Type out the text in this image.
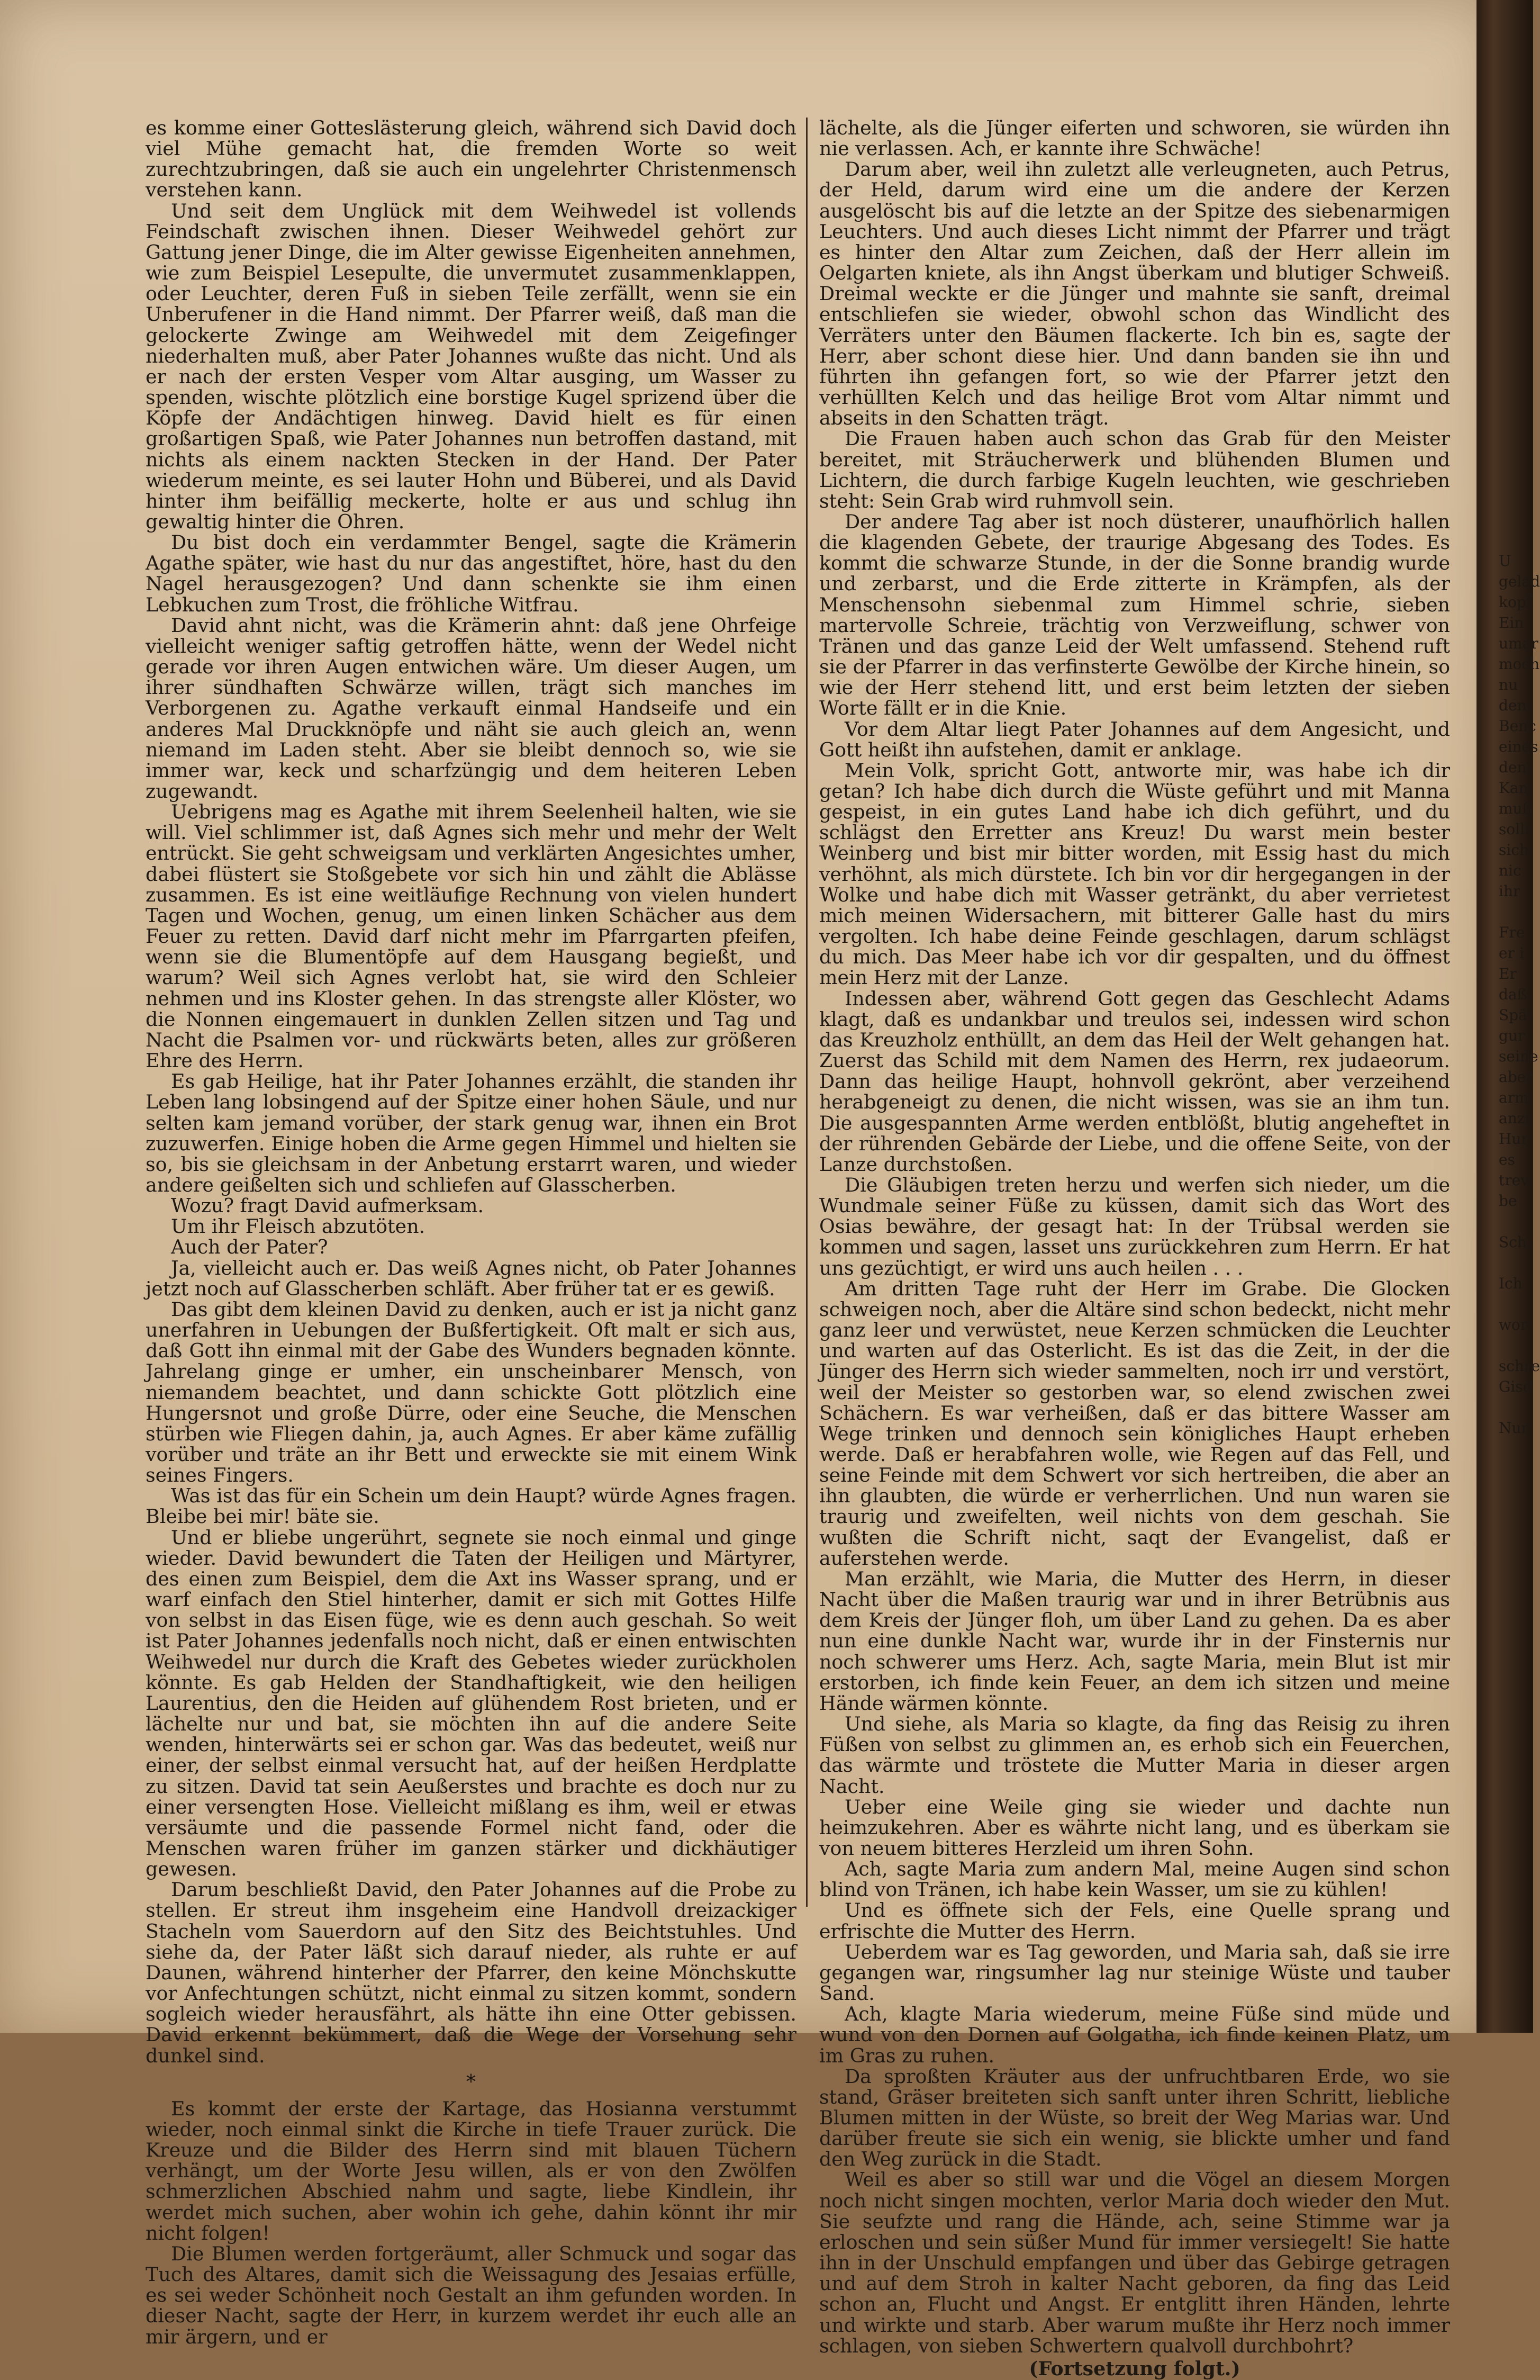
es komme einer Gotteslästerung gleich, während sich David doch viel Mühe gemacht hat, die fremden Worte so weit zurechtzubringen, daß sie auch ein ungelehrter Christenmensch verstehen kann.

Und seit dem Unglück mit dem Weihwedel ist vollends Feindschaft zwischen ihnen. Dieser Weihwedel gehört zur Gattung jener Dinge, die im Alter gewisse Eigenheiten annehmen, wie zum Beispiel Lesepulte, die unvermutet zusammenklappen, oder Leuchter, deren Fuß in sieben Teile zerfällt, wenn sie ein Unberufener in die Hand nimmt. Der Pfarrer weiß, daß man die gelockerte Zwinge am Weihwedel mit dem Zeigefinger niederhalten muß, aber Pater Johannes wußte das nicht. Und als er nach der ersten Vesper vom Altar ausging, um Wasser zu spenden, wischte plötzlich eine borstige Kugel sprizend über die Köpfe der Andächtigen hinweg. David hielt es für einen großartigen Spaß, wie Pater Johannes nun betroffen dastand, mit nichts als einem nackten Stecken in der Hand. Der Pater wiederum meinte, es sei lauter Hohn und Büberei, und als David hinter ihm beifällig meckerte, holte er aus und schlug ihn gewaltig hinter die Ohren.

Du bist doch ein verdammter Bengel, sagte die Krämerin Agathe später, wie hast du nur das angestiftet, höre, hast du den Nagel herausgezogen? Und dann schenkte sie ihm einen Lebkuchen zum Trost, die fröhliche Witfrau.

David ahnt nicht, was die Krämerin ahnt: daß jene Ohrfeige vielleicht weniger saftig getroffen hätte, wenn der Wedel nicht gerade vor ihren Augen entwichen wäre. Um dieser Augen, um ihrer sündhaften Schwärze willen, trägt sich manches im Verborgenen zu. Agathe verkauft einmal Handseife und ein anderes Mal Druckknöpfe und näht sie auch gleich an, wenn niemand im Laden steht. Aber sie bleibt dennoch so, wie sie immer war, keck und scharfzüngig und dem heiteren Leben zugewandt.

Uebrigens mag es Agathe mit ihrem Seelenheil halten, wie sie will. Viel schlimmer ist, daß Agnes sich mehr und mehr der Welt entrückt. Sie geht schweigsam und verklärten Angesichtes umher, dabei flüstert sie Stoßgebete vor sich hin und zählt die Ablässe zusammen. Es ist eine weitläufige Rechnung von vielen hundert Tagen und Wochen, genug, um einen linken Schächer aus dem Feuer zu retten. David darf nicht mehr im Pfarrgarten pfeifen, wenn sie die Blumentöpfe auf dem Hausgang begießt, und warum? Weil sich Agnes verlobt hat, sie wird den Schleier nehmen und ins Kloster gehen. In das strengste aller Klöster, wo die Nonnen eingemauert in dunklen Zellen sitzen und Tag und Nacht die Psalmen vor- und rückwärts beten, alles zur größeren Ehre des Herrn.

Es gab Heilige, hat ihr Pater Johannes erzählt, die standen ihr Leben lang lobsingend auf der Spitze einer hohen Säule, und nur selten kam jemand vorüber, der stark genug war, ihnen ein Brot zuzuwerfen. Einige hoben die Arme gegen Himmel und hielten sie so, bis sie gleichsam in der Anbetung erstarrt waren, und wieder andere geißelten sich und schliefen auf Glasscherben.

Wozu? fragt David aufmerksam.

Um ihr Fleisch abzutöten.

Auch der Pater?

Ja, vielleicht auch er. Das weiß Agnes nicht, ob Pater Johannes jetzt noch auf Glasscherben schläft. Aber früher tat er es gewiß.

Das gibt dem kleinen David zu denken, auch er ist ja nicht ganz unerfahren in Uebungen der Bußfertigkeit. Oft malt er sich aus, daß Gott ihn einmal mit der Gabe des Wunders begnaden könnte. Jahrelang ginge er umher, ein unscheinbarer Mensch, von niemandem beachtet, und dann schickte Gott plötzlich eine Hungersnot und große Dürre, oder eine Seuche, die Menschen stürben wie Fliegen dahin, ja, auch Agnes. Er aber käme zufällig vorüber und träte an ihr Bett und erweckte sie mit einem Wink seines Fingers.

Was ist das für ein Schein um dein Haupt? würde Agnes fragen. Bleibe bei mir! bäte sie.

Und er bliebe ungerührt, segnete sie noch einmal und ginge wieder. David bewundert die Taten der Heiligen und Märtyrer, des einen zum Beispiel, dem die Axt ins Wasser sprang, und er warf einfach den Stiel hinterher, damit er sich mit Gottes Hilfe von selbst in das Eisen füge, wie es denn auch geschah. So weit ist Pater Johannes jedenfalls noch nicht, daß er einen entwischten Weihwedel nur durch die Kraft des Gebetes wieder zurückholen könnte. Es gab Helden der Standhaftigkeit, wie den heiligen Laurentius, den die Heiden auf glühendem Rost brieten, und er lächelte nur und bat, sie möchten ihn auf die andere Seite wenden, hinterwärts sei er schon gar. Was das bedeutet, weiß nur einer, der selbst einmal versucht hat, auf der heißen Herdplatte zu sitzen. David tat sein Aeußerstes und brachte es doch nur zu einer versengten Hose. Vielleicht mißlang es ihm, weil er etwas versäumte und die passende Formel nicht fand, oder die Menschen waren früher im ganzen stärker und dickhäutiger gewesen.

Darum beschließt David, den Pater Johannes auf die Probe zu stellen. Er streut ihm insgeheim eine Handvoll dreizackiger Stacheln vom Sauerdorn auf den Sitz des Beichtstuhles. Und siehe da, der Pater läßt sich darauf nieder, als ruhte er auf Daunen, während hinterher der Pfarrer, den keine Mönchskutte vor Anfechtungen schützt, nicht einmal zu sitzen kommt, sondern sogleich wieder herausfährt, als hätte ihn eine Otter gebissen. David erkennt bekümmert, daß die Wege der Vorsehung sehr dunkel sind.

*

Es kommt der erste der Kartage, das Hosianna verstummt wieder, noch einmal sinkt die Kirche in tiefe Trauer zurück. Die Kreuze und die Bilder des Herrn sind mit blauen Tüchern verhängt, um der Worte Jesu willen, als er von den Zwölfen schmerzlichen Abschied nahm und sagte, liebe Kindlein, ihr werdet mich suchen, aber wohin ich gehe, dahin könnt ihr mir nicht folgen!

Die Blumen werden fortgeräumt, aller Schmuck und sogar das Tuch des Altares, damit sich die Weissagung des Jesaias erfülle, es sei weder Schönheit noch Gestalt an ihm gefunden worden. In dieser Nacht, sagte der Herr, in kurzem werdet ihr euch alle an mir ärgern, und er

lächelte, als die Jünger eiferten und schworen, sie würden ihn nie verlassen. Ach, er kannte ihre Schwäche!

Darum aber, weil ihn zuletzt alle verleugneten, auch Petrus, der Held, darum wird eine um die andere der Kerzen ausgelöscht bis auf die letzte an der Spitze des siebenarmigen Leuchters. Und auch dieses Licht nimmt der Pfarrer und trägt es hinter den Altar zum Zeichen, daß der Herr allein im Oelgarten kniete, als ihn Angst überkam und blutiger Schweiß. Dreimal weckte er die Jünger und mahnte sie sanft, dreimal entschliefen sie wieder, obwohl schon das Windlicht des Verräters unter den Bäumen flackerte. Ich bin es, sagte der Herr, aber schont diese hier. Und dann banden sie ihn und führten ihn gefangen fort, so wie der Pfarrer jetzt den verhüllten Kelch und das heilige Brot vom Altar nimmt und abseits in den Schatten trägt.

Die Frauen haben auch schon das Grab für den Meister bereitet, mit Sträucherwerk und blühenden Blumen und Lichtern, die durch farbige Kugeln leuchten, wie geschrieben steht: Sein Grab wird ruhmvoll sein.

Der andere Tag aber ist noch düsterer, unaufhörlich hallen die klagenden Gebete, der traurige Abgesang des Todes. Es kommt die schwarze Stunde, in der die Sonne brandig wurde und zerbarst, und die Erde zitterte in Krämpfen, als der Menschensohn siebenmal zum Himmel schrie, sieben martervolle Schreie, trächtig von Verzweiflung, schwer von Tränen und das ganze Leid der Welt umfassend. Stehend ruft sie der Pfarrer in das verfinsterte Gewölbe der Kirche hinein, so wie der Herr stehend litt, und erst beim letzten der sieben Worte fällt er in die Knie.

Vor dem Altar liegt Pater Johannes auf dem Angesicht, und Gott heißt ihn aufstehen, damit er anklage.

Mein Volk, spricht Gott, antworte mir, was habe ich dir getan? Ich habe dich durch die Wüste geführt und mit Manna gespeist, in ein gutes Land habe ich dich geführt, und du schlägst den Erretter ans Kreuz! Du warst mein bester Weinberg und bist mir bitter worden, mit Essig hast du mich verhöhnt, als mich dürstete. Ich bin vor dir hergegangen in der Wolke und habe dich mit Wasser getränkt, du aber verrietest mich meinen Widersachern, mit bitterer Galle hast du mirs vergolten. Ich habe deine Feinde geschlagen, darum schlägst du mich. Das Meer habe ich vor dir gespalten, und du öffnest mein Herz mit der Lanze.

Indessen aber, während Gott gegen das Geschlecht Adams klagt, daß es undankbar und treulos sei, indessen wird schon das Kreuzholz enthüllt, an dem das Heil der Welt gehangen hat. Zuerst das Schild mit dem Namen des Herrn, rex judaeorum. Dann das heilige Haupt, hohnvoll gekrönt, aber verzeihend herabgeneigt zu denen, die nicht wissen, was sie an ihm tun. Die ausgespannten Arme werden entblößt, blutig angeheftet in der rührenden Gebärde der Liebe, und die offene Seite, von der Lanze durchstoßen.

Die Gläubigen treten herzu und werfen sich nieder, um die Wundmale seiner Füße zu küssen, damit sich das Wort des Osias bewähre, der gesagt hat: In der Trübsal werden sie kommen und sagen, lasset uns zurückkehren zum Herrn. Er hat uns gezüchtigt, er wird uns auch heilen . . .

Am dritten Tage ruht der Herr im Grabe. Die Glocken schweigen noch, aber die Altäre sind schon bedeckt, nicht mehr ganz leer und verwüstet, neue Kerzen schmücken die Leuchter und warten auf das Osterlicht. Es ist das die Zeit, in der die Jünger des Herrn sich wieder sammelten, noch irr und verstört, weil der Meister so gestorben war, so elend zwischen zwei Schächern. Es war verheißen, daß er das bittere Wasser am Wege trinken und dennoch sein königliches Haupt erheben werde. Daß er herabfahren wolle, wie Regen auf das Fell, und seine Feinde mit dem Schwert vor sich hertreiben, die aber an ihn glaubten, die würde er verherrlichen. Und nun waren sie traurig und zweifelten, weil nichts von dem geschah. Sie wußten die Schrift nicht, saqt der Evangelist, daß er auferstehen werde.

Man erzählt, wie Maria, die Mutter des Herrn, in dieser Nacht über die Maßen traurig war und in ihrer Betrübnis aus dem Kreis der Jünger floh, um über Land zu gehen. Da es aber nun eine dunkle Nacht war, wurde ihr in der Finsternis nur noch schwerer ums Herz. Ach, sagte Maria, mein Blut ist mir erstorben, ich finde kein Feuer, an dem ich sitzen und meine Hände wärmen könnte.

Und siehe, als Maria so klagte, da fing das Reisig zu ihren Füßen von selbst zu glimmen an, es erhob sich ein Feuerchen, das wärmte und tröstete die Mutter Maria in dieser argen Nacht.

Ueber eine Weile ging sie wieder und dachte nun heimzukehren. Aber es währte nicht lang, und es überkam sie von neuem bitteres Herzleid um ihren Sohn.

Ach, sagte Maria zum andern Mal, meine Augen sind schon blind von Tränen, ich habe kein Wasser, um sie zu kühlen!

Und es öffnete sich der Fels, eine Quelle sprang und erfrischte die Mutter des Herrn.

Ueberdem war es Tag geworden, und Maria sah, daß sie irre gegangen war, ringsumher lag nur steinige Wüste und tauber Sand.

Ach, klagte Maria wiederum, meine Füße sind müde und wund von den Dornen auf Golgatha, ich finde keinen Platz, um im Gras zu ruhen.

Da sproßten Kräuter aus der unfruchtbaren Erde, wo sie stand, Gräser breiteten sich sanft unter ihren Schritt, liebliche Blumen mitten in der Wüste, so breit der Weg Marias war. Und darüber freute sie sich ein wenig, sie blickte umher und fand den Weg zurück in die Stadt.

Weil es aber so still war und die Vögel an diesem Morgen noch nicht singen mochten, verlor Maria doch wieder den Mut. Sie seufzte und rang die Hände, ach, seine Stimme war ja erloschen und sein süßer Mund für immer versiegelt! Sie hatte ihn in der Unschuld empfangen und über das Gebirge getragen und auf dem Stroh in kalter Nacht geboren, da fing das Leid schon an, Flucht und Angst. Er entglitt ihren Händen, lehrte und wirkte und starb. Aber warum mußte ihr Herz noch immer schlagen, von sieben Schwertern qualvoll durchbohrt?

(Fortsetzung folgt.)

U
gelad
kopf
Ein
umar
moch
nu
den
Benc
eines
den
Kan
muß
solli
sich
nic
ihr

Fre
er i
Er
daß
Spä
gur
seine
aber
arm
anzi
Hur
es
trev
be

Sch

Ich

wor

schre
Gisd

Nur
